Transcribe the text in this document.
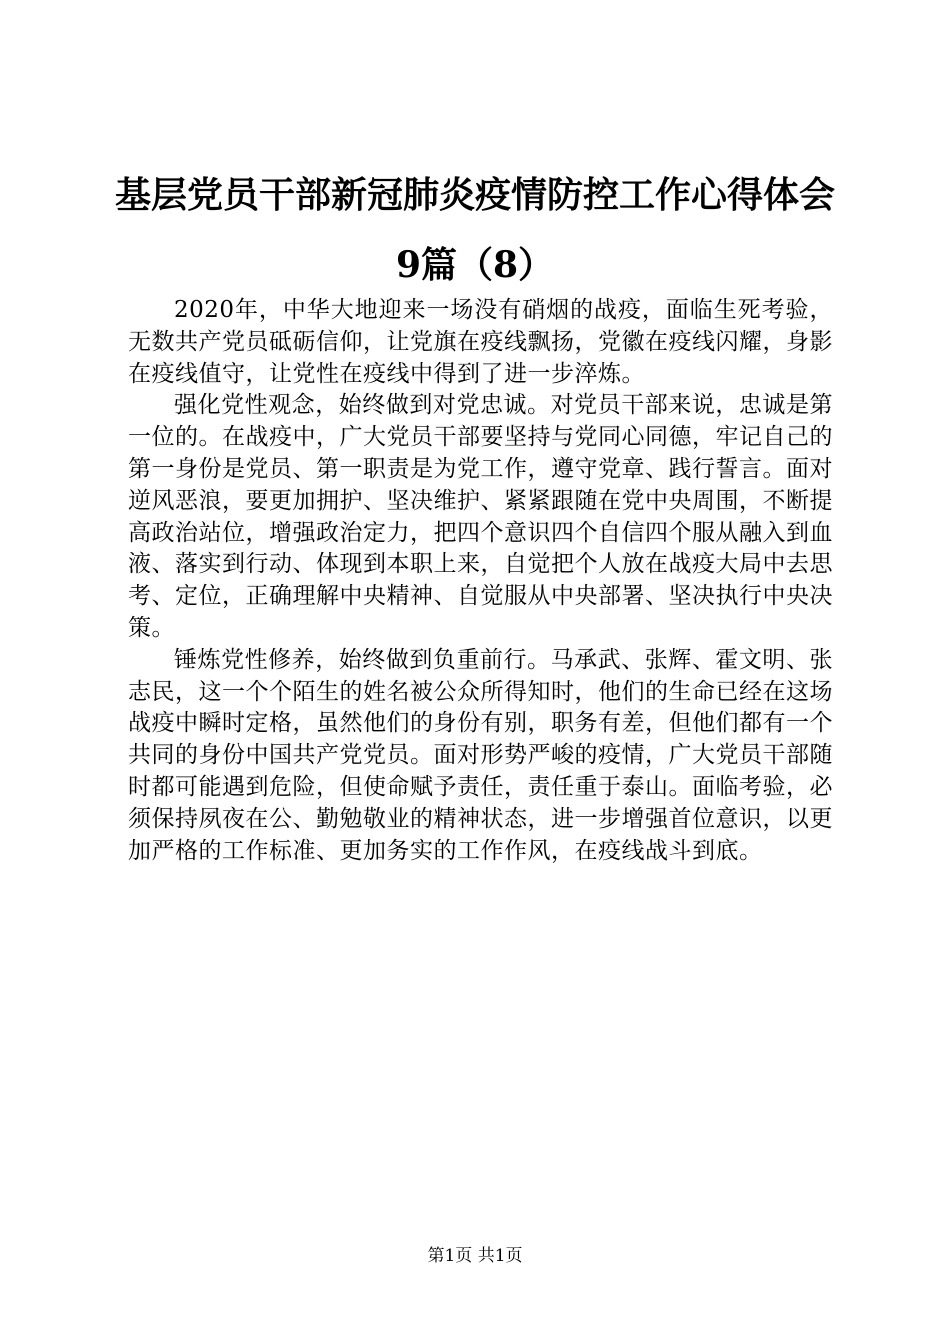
基层党员干部新冠肺炎疫情防控工作心得体会
9篇（8）

2020年，中华大地迎来一场没有硝烟的战疫，面临生死考验，无数共产党员砥砺信仰，让党旗在疫线飘扬，党徽在疫线闪耀，身影在疫线值守，让党性在疫线中得到了进一步淬炼。

强化党性观念，始终做到对党忠诚。对党员干部来说，忠诚是第一位的。在战疫中，广大党员干部要坚持与党同心同德，牢记自己的第一身份是党员、第一职责是为党工作，遵守党章、践行誓言。面对逆风恶浪，要更加拥护、坚决维护、紧紧跟随在党中央周围，不断提高政治站位，增强政治定力，把四个意识四个自信四个服从融入到血液、落实到行动、体现到本职上来，自觉把个人放在战疫大局中去思考、定位，正确理解中央精神、自觉服从中央部署、坚决执行中央决策。

锤炼党性修养，始终做到负重前行。马承武、张辉、霍文明、张志民，这一个个陌生的姓名被公众所得知时，他们的生命已经在这场战疫中瞬时定格，虽然他们的身份有别，职务有差，但他们都有一个共同的身份中国共产党党员。面对形势严峻的疫情，广大党员干部随时都可能遇到危险，但使命赋予责任，责任重于泰山。面临考验，必须保持夙夜在公、勤勉敬业的精神状态，进一步增强首位意识，以更加严格的工作标准、更加务实的工作作风，在疫线战斗到底。

第1页 共1页
